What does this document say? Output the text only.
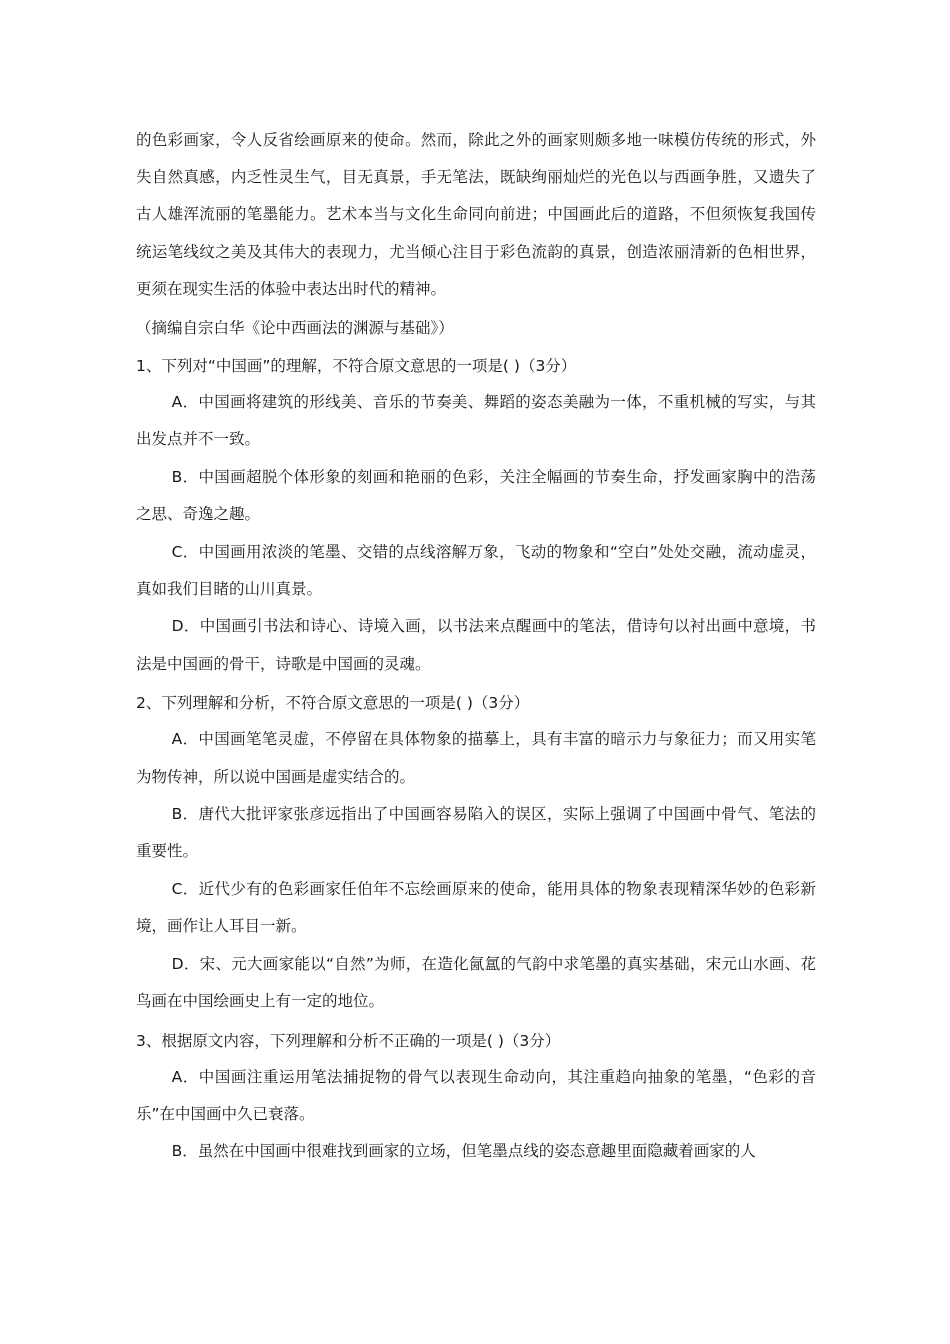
的色彩画家，令人反省绘画原来的使命。然而，除此之外的画家则颇多地一味模仿传统的形式，外失自然真感，内乏性灵生气，目无真景，手无笔法，既缺绚丽灿烂的光色以与西画争胜，又遗失了古人雄浑流丽的笔墨能力。艺术本当与文化生命同向前进；中国画此后的道路，不但须恢复我国传统运笔线纹之美及其伟大的表现力，尤当倾心注目于彩色流韵的真景，创造浓丽清新的色相世界，更须在现实生活的体验中表达出时代的精神。

（摘编自宗白华《论中西画法的渊源与基础》）

1、下列对“中国画”的理解，不符合原文意思的一项是( )（3分）

A．中国画将建筑的形线美、音乐的节奏美、舞蹈的姿态美融为一体，不重机械的写实，与其出发点并不一致。

B．中国画超脱个体形象的刻画和艳丽的色彩，关注全幅画的节奏生命，抒发画家胸中的浩荡之思、奇逸之趣。

C．中国画用浓淡的笔墨、交错的点线溶解万象，飞动的物象和“空白”处处交融，流动虚灵，真如我们目睹的山川真景。

D．中国画引书法和诗心、诗境入画，以书法来点醒画中的笔法，借诗句以衬出画中意境，书法是中国画的骨干，诗歌是中国画的灵魂。

2、下列理解和分析，不符合原文意思的一项是( )（3分）

A．中国画笔笔灵虚，不停留在具体物象的描摹上，具有丰富的暗示力与象征力；而又用实笔为物传神，所以说中国画是虚实结合的。

B．唐代大批评家张彦远指出了中国画容易陷入的误区，实际上强调了中国画中骨气、笔法的重要性。

C．近代少有的色彩画家任伯年不忘绘画原来的使命，能用具体的物象表现精深华妙的色彩新境，画作让人耳目一新。

D．宋、元大画家能以“自然”为师，在造化氤氲的气韵中求笔墨的真实基础，宋元山水画、花鸟画在中国绘画史上有一定的地位。

3、根据原文内容，下列理解和分析不正确的一项是( )（3分）

A．中国画注重运用笔法捕捉物的骨气以表现生命动向，其注重趋向抽象的笔墨，“色彩的音乐”在中国画中久已衰落。

B．虽然在中国画中很难找到画家的立场，但笔墨点线的姿态意趣里面隐藏着画家的人
